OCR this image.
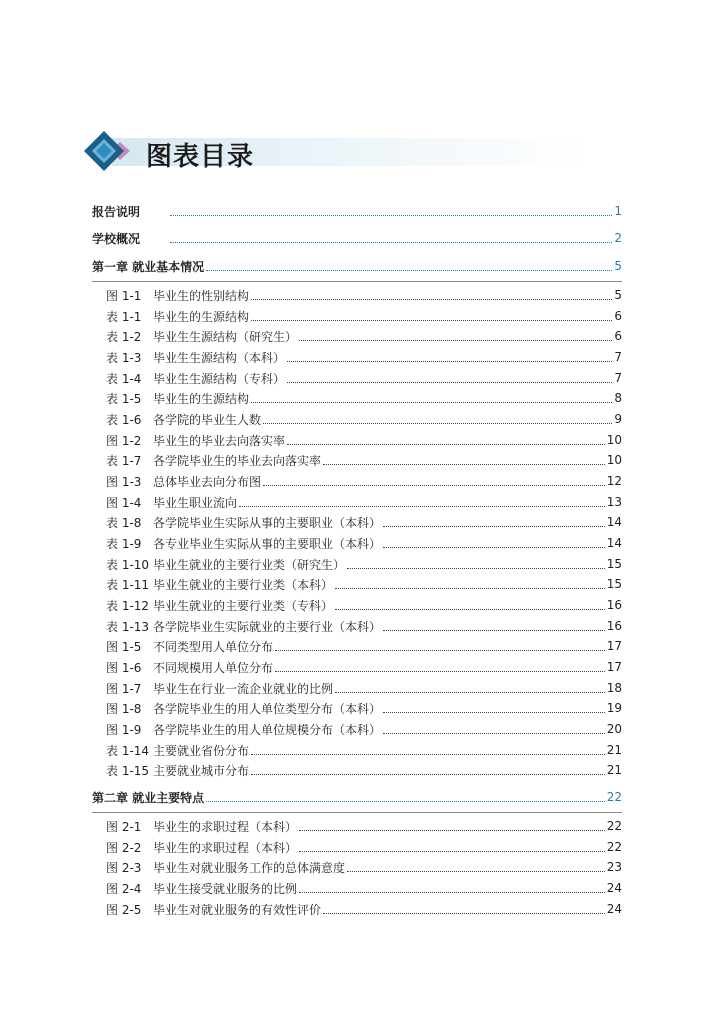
图表目录
报告说明	1
学校概况	2
第一章 就业基本情况	5
图 1-1 毕业生的性别结构	5
表 1-1 毕业生的生源结构	6
表 1-2 毕业生生源结构（研究生）	6
表 1-3 毕业生生源结构（本科）	7
表 1-4 毕业生生源结构（专科）	7
表 1-5 毕业生的生源结构	8
表 1-6 各学院的毕业生人数	9
图 1-2 毕业生的毕业去向落实率	10
表 1-7 各学院毕业生的毕业去向落实率	10
图 1-3 总体毕业去向分布图	12
图 1-4 毕业生职业流向	13
表 1-8 各学院毕业生实际从事的主要职业（本科）	14
表 1-9 各专业毕业生实际从事的主要职业（本科）	14
表 1-10 毕业生就业的主要行业类（研究生）	15
表 1-11 毕业生就业的主要行业类（本科）	15
表 1-12 毕业生就业的主要行业类（专科）	16
表 1-13 各学院毕业生实际就业的主要行业（本科）	16
图 1-5 不同类型用人单位分布	17
图 1-6 不同规模用人单位分布	17
图 1-7 毕业生在行业一流企业就业的比例	18
图 1-8 各学院毕业生的用人单位类型分布（本科）	19
图 1-9 各学院毕业生的用人单位规模分布（本科）	20
表 1-14 主要就业省份分布	21
表 1-15 主要就业城市分布	21
第二章 就业主要特点	22
图 2-1 毕业生的求职过程（本科）	22
图 2-2 毕业生的求职过程（本科）	22
图 2-3 毕业生对就业服务工作的总体满意度	23
图 2-4 毕业生接受就业服务的比例	24
图 2-5 毕业生对就业服务的有效性评价	24
